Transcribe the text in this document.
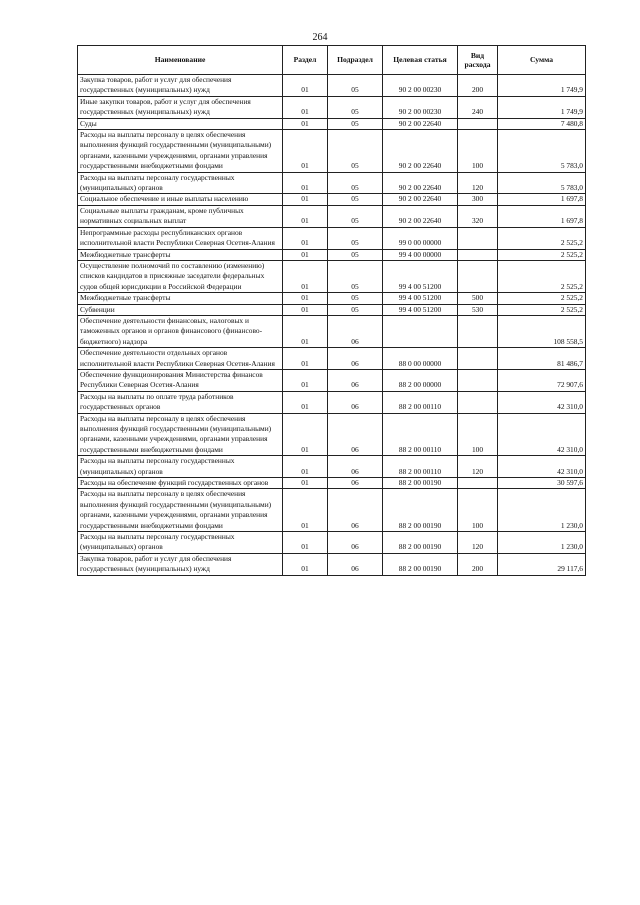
264
Наименование	Раздел	Подраздел	Целевая статья	Вид расхода	Сумма
Закупка товаров, работ и услуг для обеспечения государственных (муниципальных) нужд	01	05	90 2 00 00230	200	1 749,9
Иные закупки товаров, работ и услуг для обеспечения государственных (муниципальных) нужд	01	05	90 2 00 00230	240	1 749,9
Суды	01	05	90 2 00 22640		7 480,8
Расходы на выплаты персоналу в целях обеспечения выполнения функций государственными (муниципальными) органами, казенными учреждениями, органами управления государственными внебюджетными фондами	01	05	90 2 00 22640	100	5 783,0
Расходы на выплаты персоналу государственных (муниципальных) органов	01	05	90 2 00 22640	120	5 783,0
Социальное обеспечение и иные выплаты населению	01	05	90 2 00 22640	300	1 697,8
Социальные выплаты гражданам, кроме публичных нормативных социальных выплат	01	05	90 2 00 22640	320	1 697,8
Непрограммные расходы республиканских органов исполнительной власти Республики Северная Осетия-Алания	01	05	99 0 00 00000		2 525,2
Межбюджетные трансферты	01	05	99 4 00 00000		2 525,2
Осуществление полномочий по составлению (изменению) списков кандидатов в присяжные заседатели федеральных судов общей юрисдикции в Российской Федерации	01	05	99 4 00 51200		2 525,2
Межбюджетные трансферты	01	05	99 4 00 51200	500	2 525,2
Субвенции	01	05	99 4 00 51200	530	2 525,2
Обеспечение деятельности финансовых, налоговых и таможенных органов и органов финансового (финансово-бюджетного) надзора	01	06			108 558,5
Обеспечение деятельности отдельных органов исполнительной власти Республики Северная Осетия-Алания	01	06	88 0 00 00000		81 486,7
Обеспечение функционирования Министерства финансов Республики Северная Осетия-Алания	01	06	88 2 00 00000		72 907,6
Расходы на выплаты по оплате труда работников государственных органов	01	06	88 2 00 00110		42 310,0
Расходы на выплаты персоналу в целях обеспечения выполнения функций государственными (муниципальными) органами, казенными учреждениями, органами управления государственными внебюджетными фондами	01	06	88 2 00 00110	100	42 310,0
Расходы на выплаты персоналу государственных (муниципальных) органов	01	06	88 2 00 00110	120	42 310,0
Расходы на обеспечение функций государственных органов	01	06	88 2 00 00190		30 597,6
Расходы на выплаты персоналу в целях обеспечения выполнения функций государственными (муниципальными) органами, казенными учреждениями, органами управления государственными внебюджетными фондами	01	06	88 2 00 00190	100	1 230,0
Расходы на выплаты персоналу государственных (муниципальных) органов	01	06	88 2 00 00190	120	1 230,0
Закупка товаров, работ и услуг для обеспечения государственных (муниципальных) нужд	01	06	88 2 00 00190	200	29 117,6
